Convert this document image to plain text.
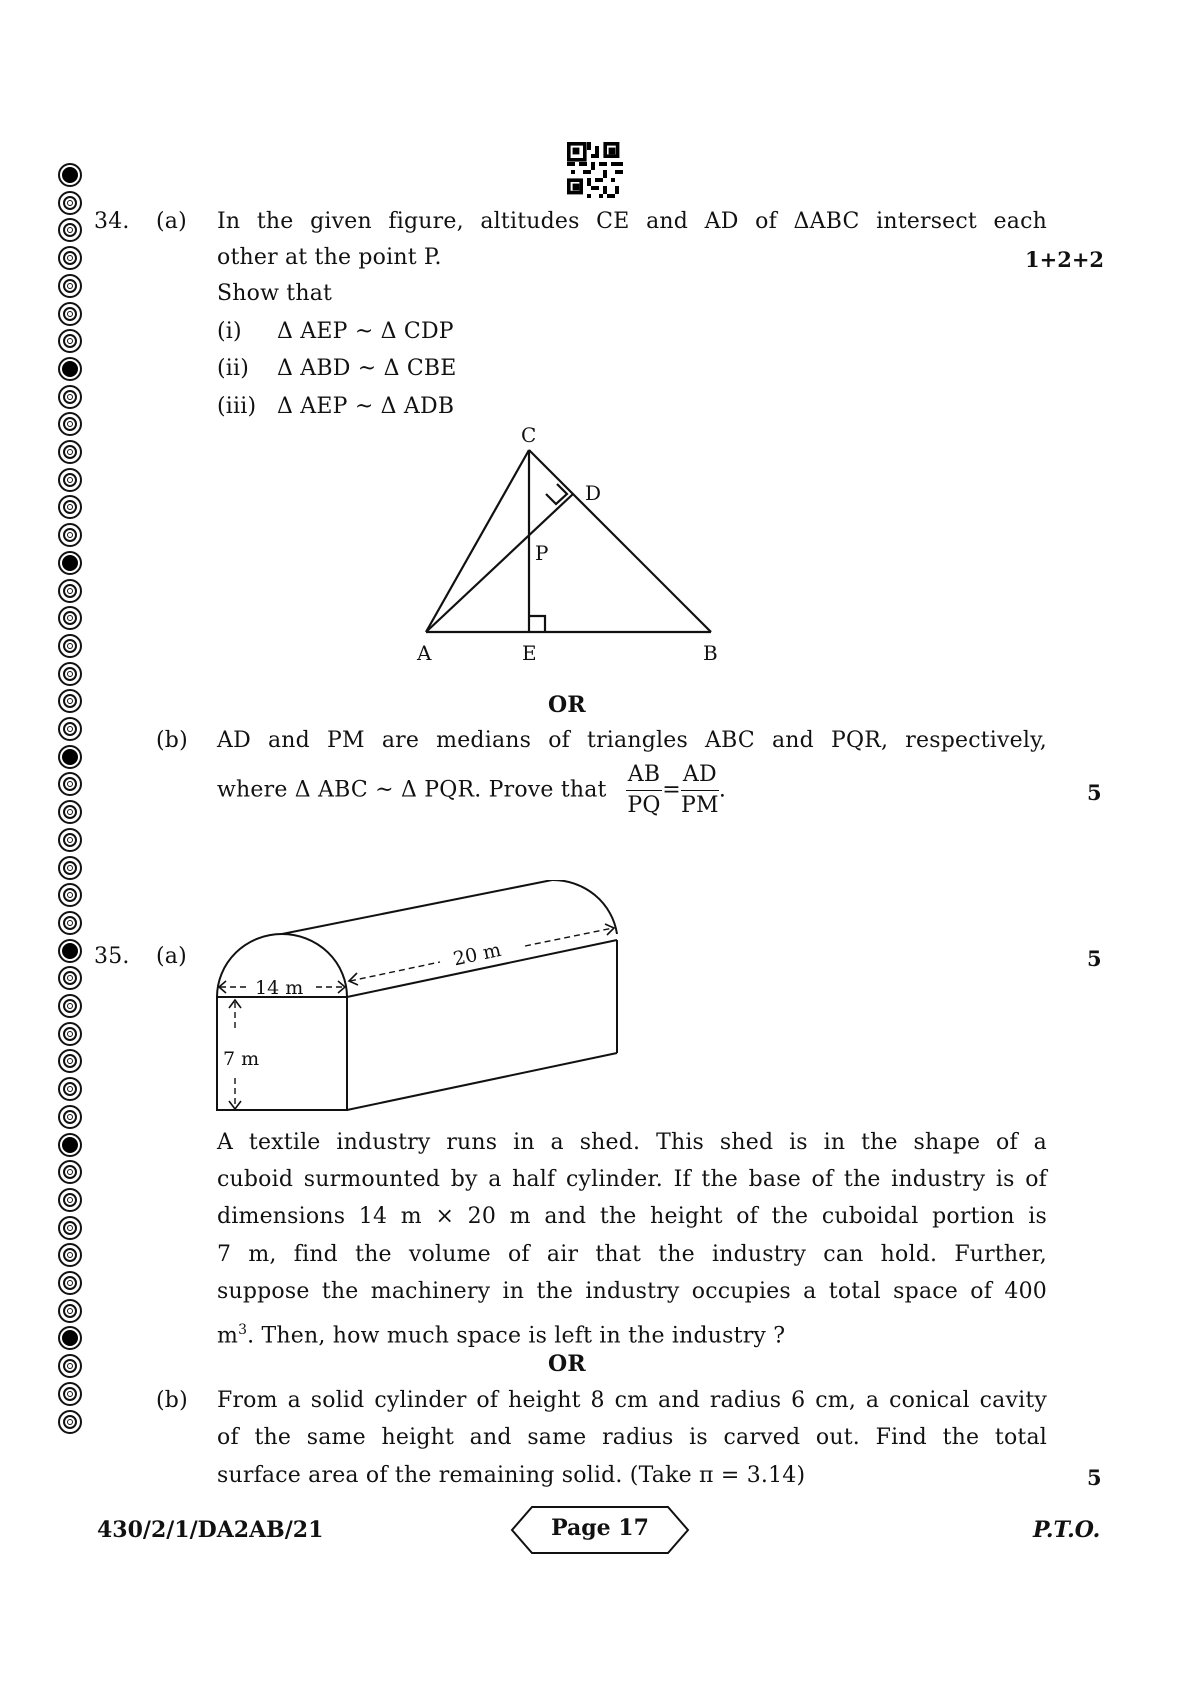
34. (a) In the given figure, altitudes CE and AD of ΔABC intersect each
other at the point P.	1+2+2
Show that
(i) Δ AEP ~ Δ CDP
(ii) Δ ABD ~ Δ CBE
(iii) Δ AEP ~ Δ ADB
C
D
P
A	E	B
OR
(b) AD and PM are medians of triangles ABC and PQR, respectively,
where Δ ABC ~ Δ PQR. Prove that $\frac{AB}{PQ} = \frac{AD}{PM}$ .	5
35. (a)	5
14 m
20 m
7 m
A textile industry runs in a shed. This shed is in the shape of a
cuboid surmounted by a half cylinder. If the base of the industry is of
dimensions 14 m × 20 m and the height of the cuboidal portion is
7 m, find the volume of air that the industry can hold. Further,
suppose the machinery in the industry occupies a total space of 400
$m^3$. Then, how much space is left in the industry ?
OR
(b) From a solid cylinder of height 8 cm and radius 6 cm, a conical cavity
of the same height and same radius is carved out. Find the total
surface area of the remaining solid. (Take π = 3.14)	5
430/2/1/DA2AB/21	Page 17	P.T.O.
